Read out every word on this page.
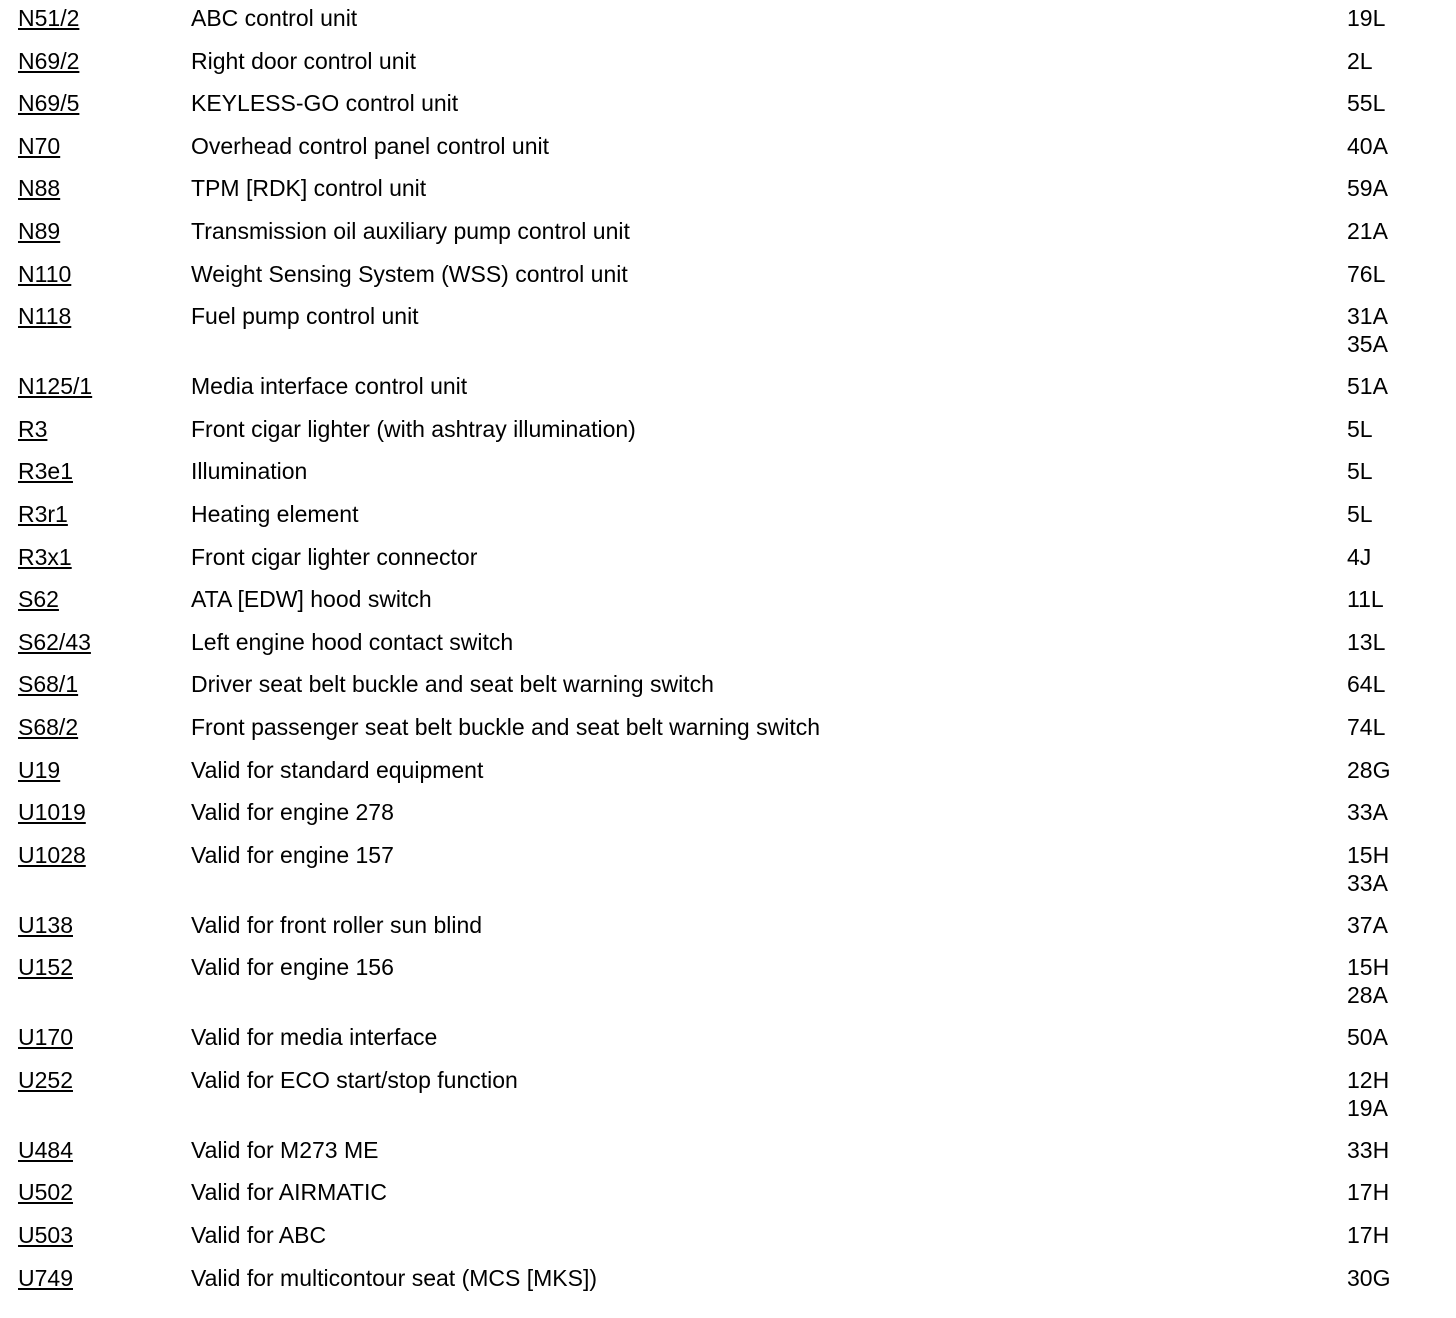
N51/2	ABC control unit	19L
N69/2	Right door control unit	2L
N69/5	KEYLESS-GO control unit	55L
N70	Overhead control panel control unit	40A
N88	TPM [RDK] control unit	59A
N89	Transmission oil auxiliary pump control unit	21A
N110	Weight Sensing System (WSS) control unit	76L
N118	Fuel pump control unit	31A
35A
N125/1	Media interface control unit	51A
R3	Front cigar lighter (with ashtray illumination)	5L
R3e1	Illumination	5L
R3r1	Heating element	5L
R3x1	Front cigar lighter connector	4J
S62	ATA [EDW] hood switch	11L
S62/43	Left engine hood contact switch	13L
S68/1	Driver seat belt buckle and seat belt warning switch	64L
S68/2	Front passenger seat belt buckle and seat belt warning switch	74L
U19	Valid for standard equipment	28G
U1019	Valid for engine 278	33A
U1028	Valid for engine 157	15H
33A
U138	Valid for front roller sun blind	37A
U152	Valid for engine 156	15H
28A
U170	Valid for media interface	50A
U252	Valid for ECO start/stop function	12H
19A
U484	Valid for M273 ME	33H
U502	Valid for AIRMATIC	17H
U503	Valid for ABC	17H
U749	Valid for multicontour seat (MCS [MKS])	30G
